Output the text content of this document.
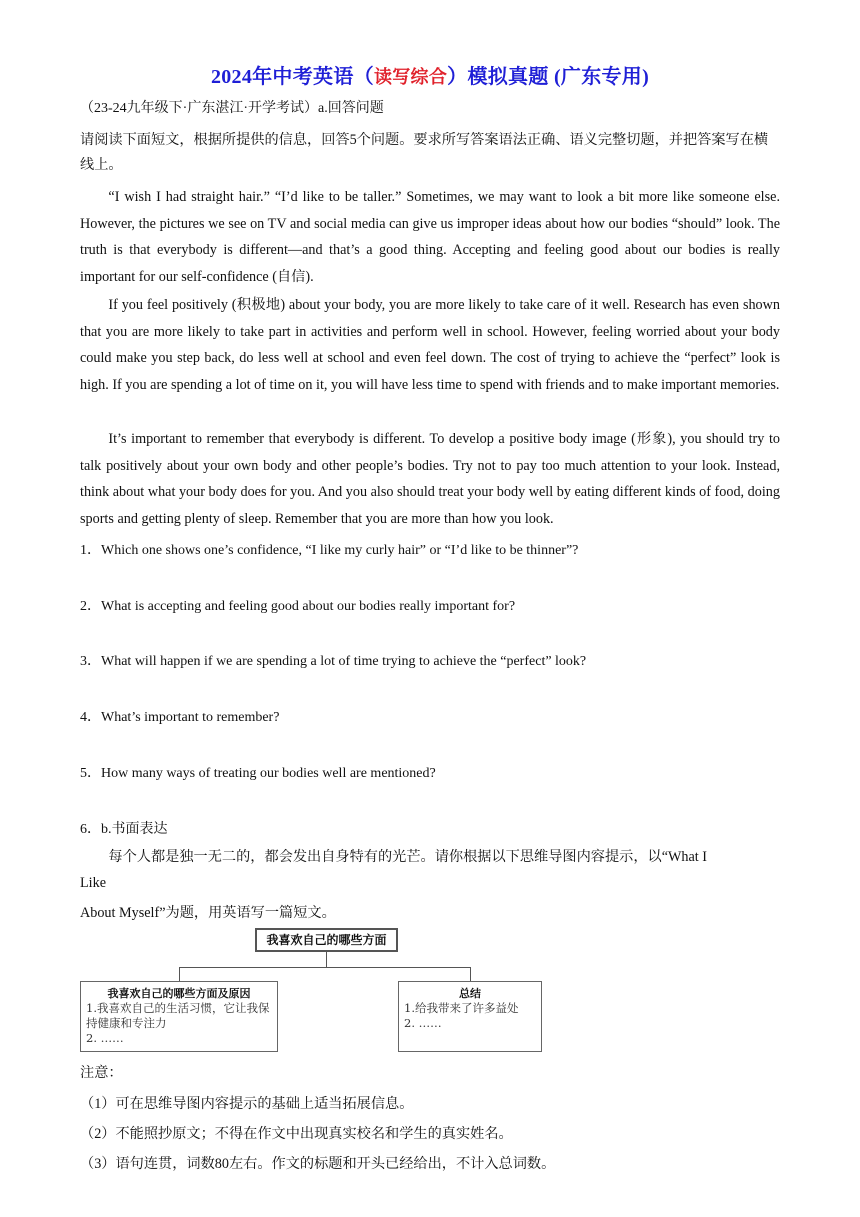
2024年中考英语（读写综合）模拟真题 (广东专用)
（23-24九年级下·广东湛江·开学考试）a.回答问题
请阅读下面短文，根据所提供的信息，回答5个问题。要求所写答案语法正确、语义完整切题，并把答案写在横线上。
“I wish I had straight hair.” “I’d like to be taller.” Sometimes, we may want to look a bit more like someone else. However, the pictures we see on TV and social media can give us improper ideas about how our bodies “should” look. The truth is that everybody is different—and that’s a good thing. Accepting and feeling good about our bodies is really important for our self-confidence (自信).
If you feel positively (积极地) about your body, you are more likely to take care of it well. Research has even shown that you are more likely to take part in activities and perform well in school. However, feeling worried about your body could make you step back, do less well at school and even feel down. The cost of trying to achieve the “perfect” look is high. If you are spending a lot of time on it, you will have less time to spend with friends and to make important memories.
It’s important to remember that everybody is different. To develop a positive body image (形象), you should try to talk positively about your own body and other people’s bodies. Try not to pay too much attention to your look. Instead, think about what your body does for you. And you also should treat your body well by eating different kinds of food, doing sports and getting plenty of sleep. Remember that you are more than how you look.
1．Which one shows one’s confidence, “I like my curly hair” or “I’d like to be thinner”?
2．What is accepting and feeling good about our bodies really important for?
3．What will happen if we are spending a lot of time trying to achieve the “perfect” look?
4．What’s important to remember?
5．How many ways of treating our bodies well are mentioned?
6．b.书面表达
每个人都是独一无二的，都会发出自身特有的光芒。请你根据以下思维导图内容提示，以“What I
Like
About Myself”为题，用英语写一篇短文。
我喜欢自己的哪些方面
我喜欢自己的哪些方面及原因
1.我喜欢自己的生活习惯，它让我保
持健康和专注力
2. ……
总结
1.给我带来了许多益处
2. ……
注意：
（1）可在思维导图内容提示的基础上适当拓展信息。
（2）不能照抄原文；不得在作文中出现真实校名和学生的真实姓名。
（3）语句连贯，词数80左右。作文的标题和开头已经给出，不计入总词数。
